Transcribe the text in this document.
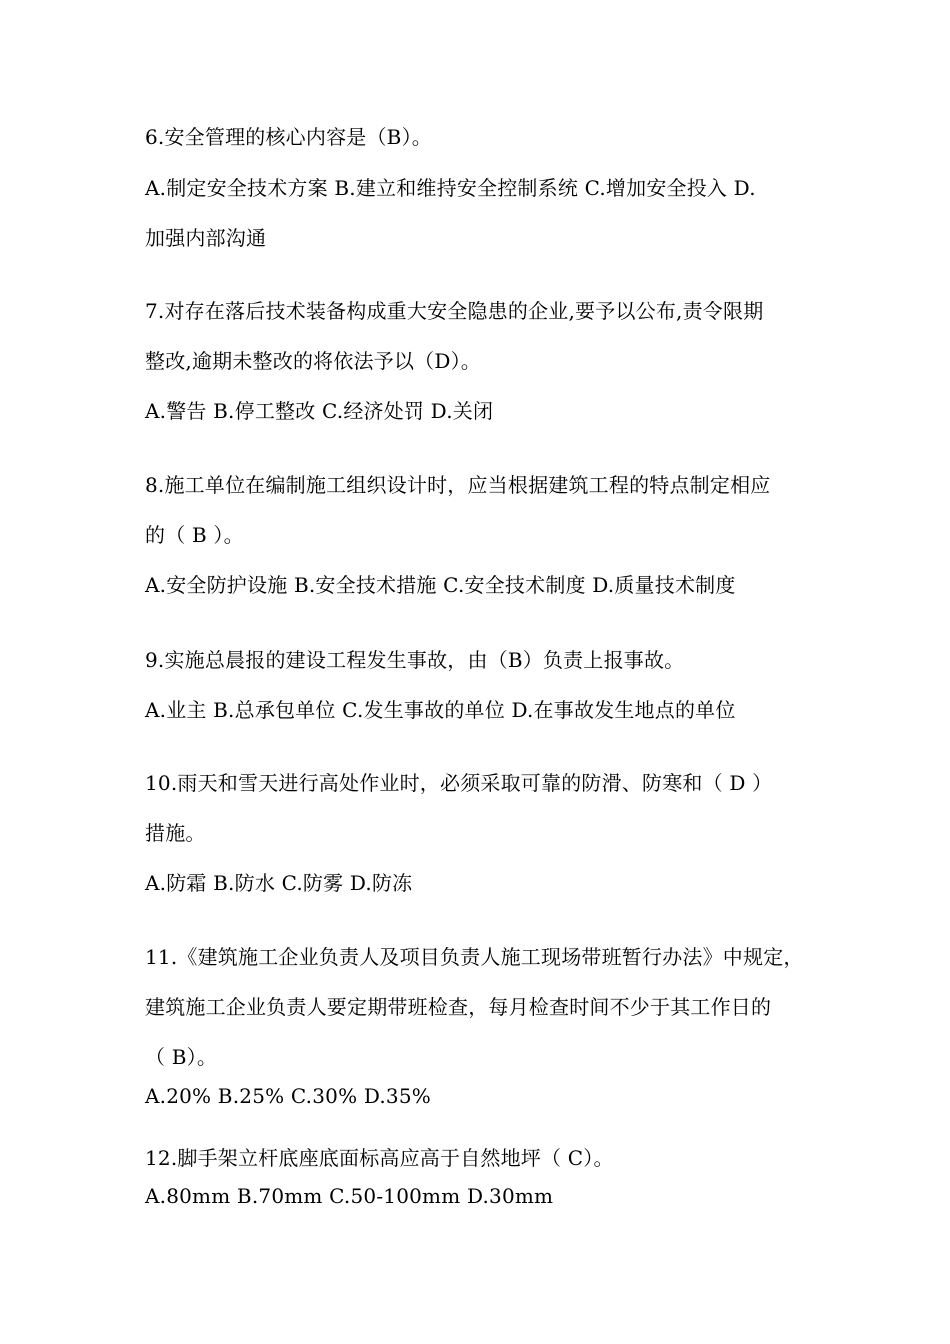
6.安全管理的核心内容是（B）。
A.制定安全技术方案 B.建立和维持安全控制系统 C.增加安全投入 D.
加强内部沟通
7.对存在落后技术装备构成重大安全隐患的企业,要予以公布,责令限期
整改,逾期未整改的将依法予以（D）。
A.警告 B.停工整改 C.经济处罚 D.关闭
8.施工单位在编制施工组织设计时，应当根据建筑工程的特点制定相应
的（ B ）。
A.安全防护设施 B.安全技术措施 C.安全技术制度 D.质量技术制度
9.实施总晨报的建设工程发生事故，由（B）负责上报事故。
A.业主 B.总承包单位 C.发生事故的单位 D.在事故发生地点的单位
10.雨天和雪天进行高处作业时，必须采取可靠的防滑、防寒和（ D ）
措施。
A.防霜 B.防水 C.防雾 D.防冻
11.《建筑施工企业负责人及项目负责人施工现场带班暂行办法》中规定，
建筑施工企业负责人要定期带班检查，每月检查时间不少于其工作日的
（ B）。
A.20% B.25% C.30% D.35%
12.脚手架立杆底座底面标高应高于自然地坪（ C）。
A.80mm B.70mm C.50-100mm D.30mm
